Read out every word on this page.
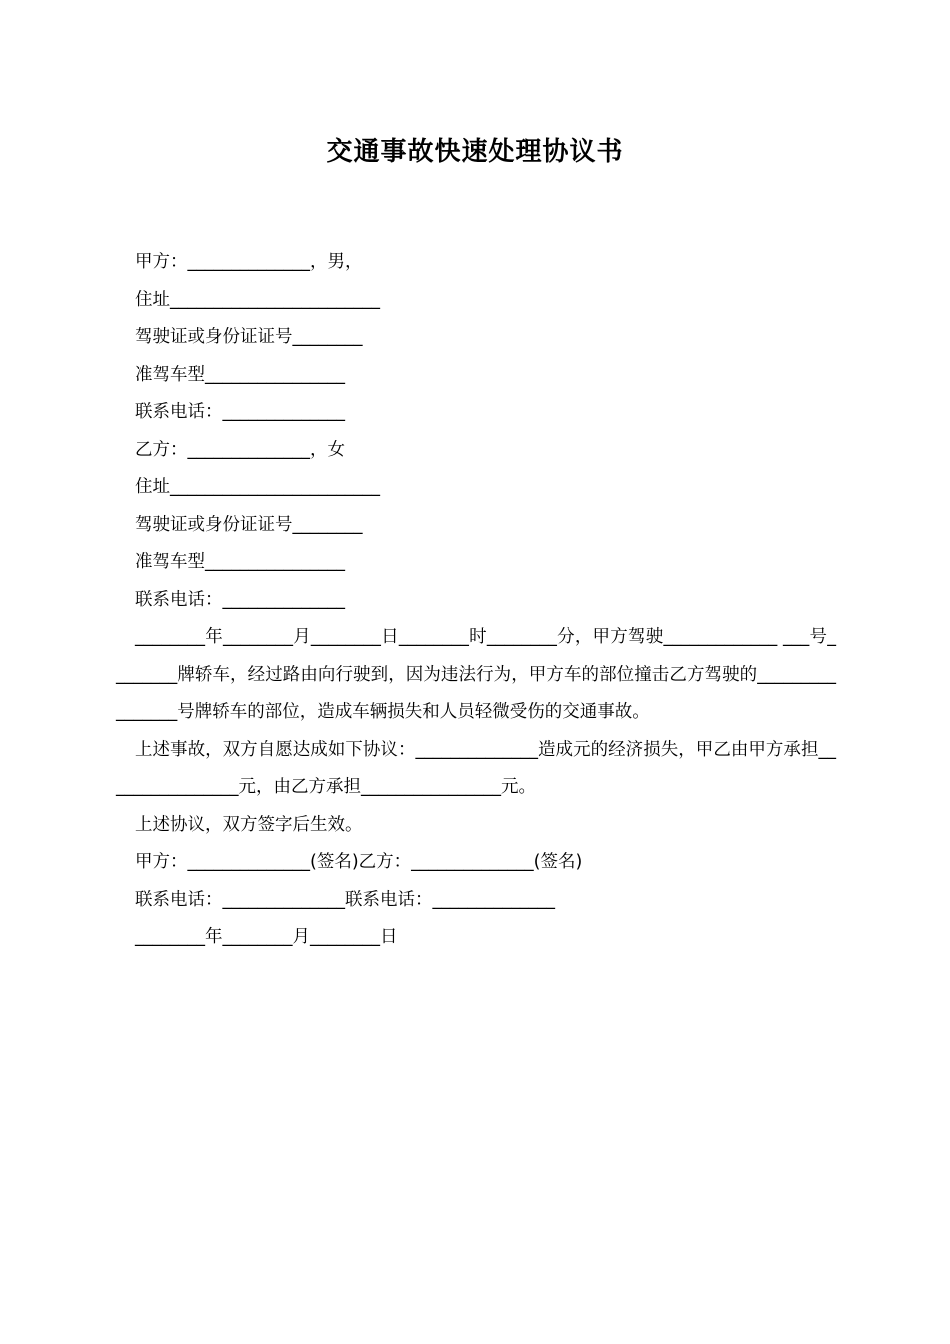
交通事故快速处理协议书
甲方：______________，男，
住址________________________
驾驶证或身份证证号________
准驾车型________________
联系电话：______________
乙方：______________，女
住址________________________
驾驶证或身份证证号________
准驾车型________________
联系电话：______________
________年________月________日________时________分，甲方驾驶_____________ ___号________牌轿车，经过路由向行驶到，因为违法行为，甲方车的部位撞击乙方驾驶的________________号牌轿车的部位，造成车辆损失和人员轻微受伤的交通事故。
上述事故，双方自愿达成如下协议：______________造成元的经济损失，甲乙由甲方承担________________元，由乙方承担________________元。
上述协议，双方签字后生效。
甲方：______________(签名)乙方：______________(签名)
联系电话：______________联系电话：______________
________年________月________日
